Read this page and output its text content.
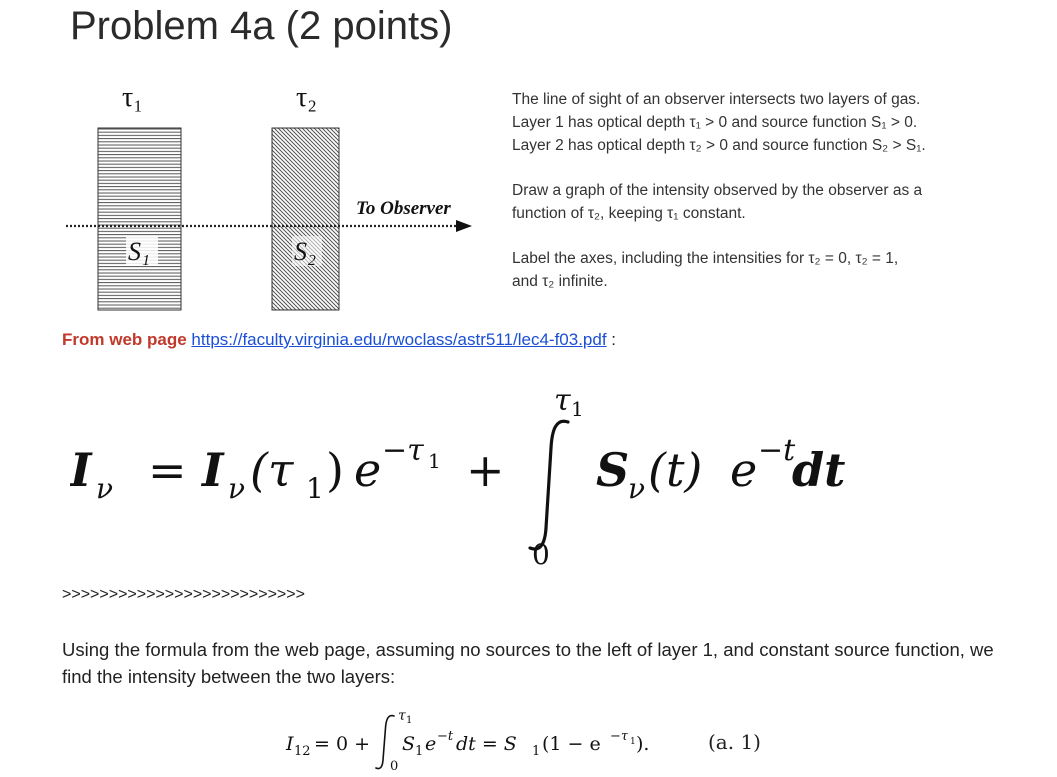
Problem 4a (2 points)
τ₁	τ₂
S₁	S₂
To Observer

The line of sight of an observer intersects two layers of gas.
Layer 1 has optical depth τ₁ > 0 and source function S₁ > 0.
Layer 2 has optical depth τ₂ > 0 and source function S₂ > S₁.

Draw a graph of the intensity observed by the observer as a
function of τ₂, keeping τ₁ constant.

Label the axes, including the intensities for τ₂ = 0, τ₂ = 1,
and τ₂ infinite.

From web page https://faculty.virginia.edu/rwoclass/astr511/lec4-f03.pdf :
I ν = I ν (τ 1 ) e −τ 1 +
τ 1
0
S
ν (t) e −t
dt
>>>>>>>>>>>>>>>>>>>>>>>>>>
Using the formula from the web page, assuming no sources to the left of layer 1, and constant source function, we find the intensity between the two layers:
I 12 = 0 +
τ 1
0
S 1 e −t dt = S 1 (1 − e −τ 1 ).	(a. 1)
